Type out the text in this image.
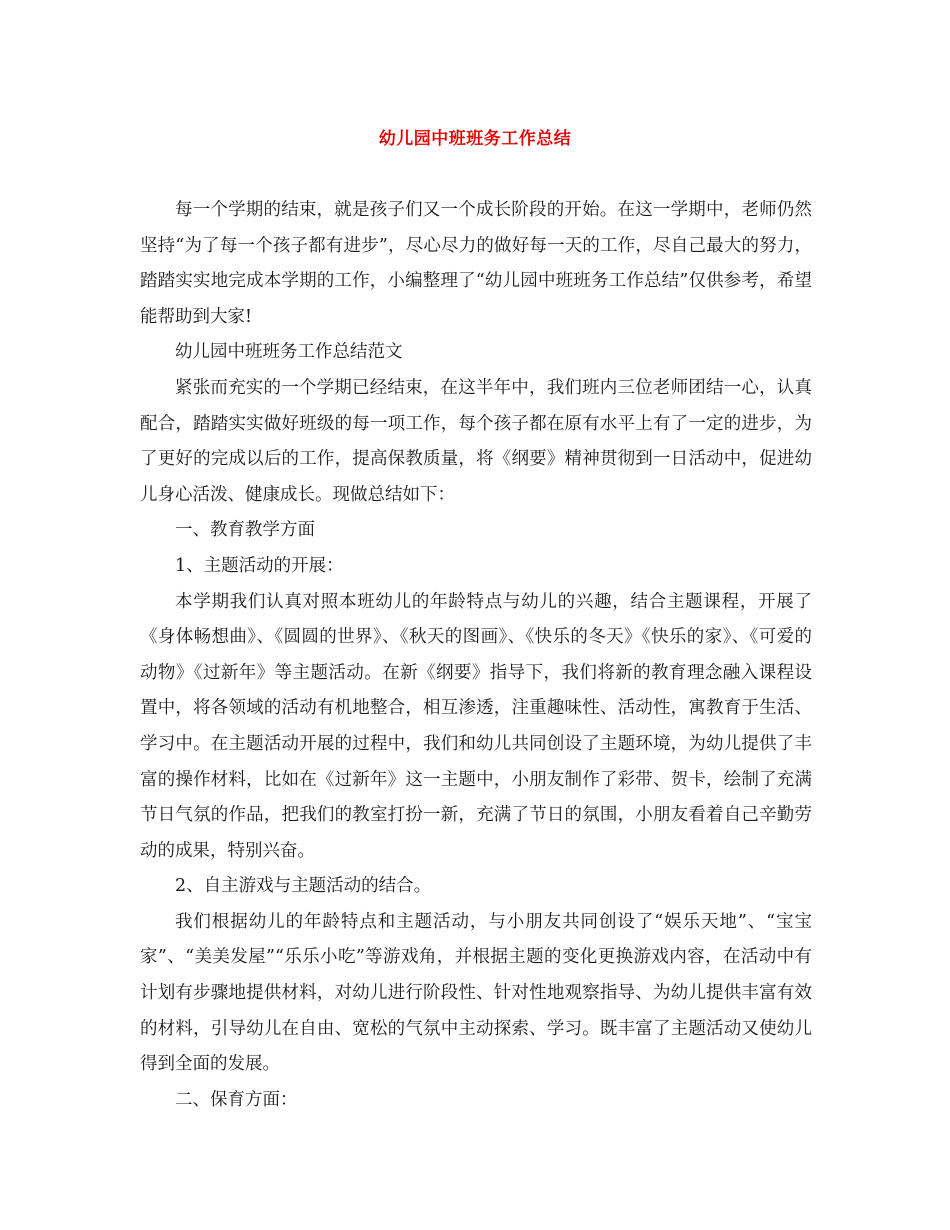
幼儿园中班班务工作总结

每一个学期的结束，就是孩子们又一个成长阶段的开始。在这一学期中，老师仍然坚持“为了每一个孩子都有进步”，尽心尽力的做好每一天的工作，尽自己最大的努力，踏踏实实地完成本学期的工作，小编整理了“幼儿园中班班务工作总结”仅供参考，希望能帮助到大家!

幼儿园中班班务工作总结范文

紧张而充实的一个学期已经结束，在这半年中，我们班内三位老师团结一心，认真配合，踏踏实实做好班级的每一项工作，每个孩子都在原有水平上有了一定的进步，为了更好的完成以后的工作，提高保教质量，将《纲要》精神贯彻到一日活动中，促进幼儿身心活泼、健康成长。现做总结如下：

一、教育教学方面

1、主题活动的开展：

本学期我们认真对照本班幼儿的年龄特点与幼儿的兴趣，结合主题课程，开展了《身体畅想曲》、《圆圆的世界》、《秋天的图画》、《快乐的冬天》《快乐的家》、《可爱的动物》《过新年》等主题活动。在新《纲要》指导下，我们将新的教育理念融入课程设置中，将各领域的活动有机地整合，相互渗透，注重趣味性、活动性，寓教育于生活、学习中。在主题活动开展的过程中，我们和幼儿共同创设了主题环境，为幼儿提供了丰富的操作材料，比如在《过新年》这一主题中，小朋友制作了彩带、贺卡，绘制了充满节日气氛的作品，把我们的教室打扮一新，充满了节日的氛围，小朋友看着自己辛勤劳动的成果，特别兴奋。

2、自主游戏与主题活动的结合。

我们根据幼儿的年龄特点和主题活动，与小朋友共同创设了“娱乐天地”、“宝宝家”、“美美发屋”“乐乐小吃”等游戏角，并根据主题的变化更换游戏内容，在活动中有计划有步骤地提供材料，对幼儿进行阶段性、针对性地观察指导、为幼儿提供丰富有效的材料，引导幼儿在自由、宽松的气氛中主动探索、学习。既丰富了主题活动又使幼儿得到全面的发展。

二、保育方面：
